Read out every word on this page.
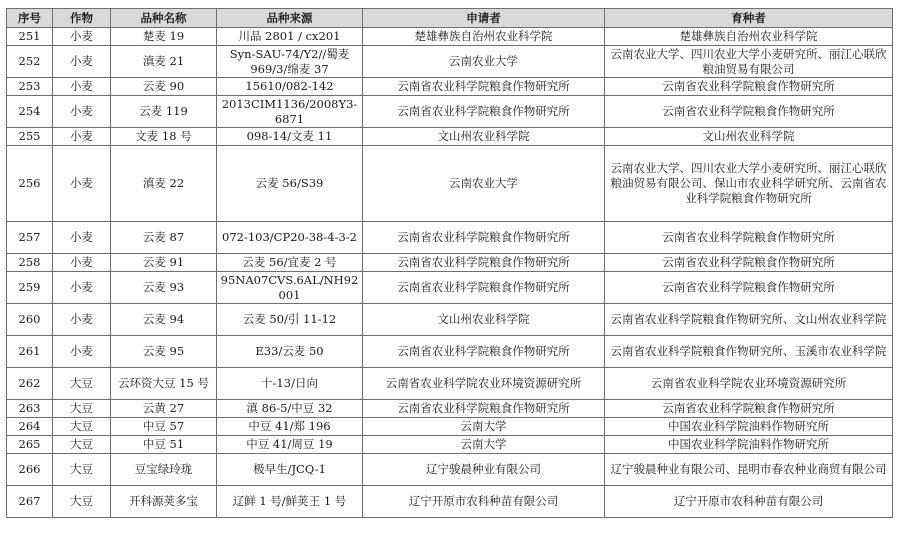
序号	作物	品种名称	品种来源	申请者	育种者
251	小麦	楚麦 19	川品 2801 / cx201	楚雄彝族自治州农业科学院	楚雄彝族自治州农业科学院
252	小麦	滇麦 21	Syn-SAU-74/Y2//蜀麦 969/3/绵麦 37	云南农业大学	云南农业大学、四川农业大学小麦研究所、丽江心联欣粮油贸易有限公司
253	小麦	云麦 90	15610/082-142	云南省农业科学院粮食作物研究所	云南省农业科学院粮食作物研究所
254	小麦	云麦 119	2013CIM1136/2008Y3-6871	云南省农业科学院粮食作物研究所	云南省农业科学院粮食作物研究所
255	小麦	文麦 18 号	098-14/文麦 11	文山州农业科学院	文山州农业科学院
256	小麦	滇麦 22	云麦 56/S39	云南农业大学	云南农业大学、四川农业大学小麦研究所、丽江心联欣粮油贸易有限公司、保山市农业科学研究所、云南省农业科学院粮食作物研究所
257	小麦	云麦 87	072-103/CP20-38-4-3-2	云南省农业科学院粮食作物研究所	云南省农业科学院粮食作物研究所
258	小麦	云麦 91	云麦 56/宜麦 2 号	云南省农业科学院粮食作物研究所	云南省农业科学院粮食作物研究所
259	小麦	云麦 93	95NA07CVS.6AL/NH92001	云南省农业科学院粮食作物研究所	云南省农业科学院粮食作物研究所
260	小麦	云麦 94	云麦 50/引 11-12	文山州农业科学院	云南省农业科学院粮食作物研究所、文山州农业科学院
261	小麦	云麦 95	E33/云麦 50	云南省农业科学院粮食作物研究所	云南省农业科学院粮食作物研究所、玉溪市农业科学院
262	大豆	云环资大豆 15 号	十-13/日向	云南省农业科学院农业环境资源研究所	云南省农业科学院农业环境资源研究所
263	大豆	云黄 27	滇 86-5/中豆 32	云南省农业科学院粮食作物研究所	云南省农业科学院粮食作物研究所
264	大豆	中豆 57	中豆 41/郑 196	云南大学	中国农业科学院油料作物研究所
265	大豆	中豆 51	中豆 41/周豆 19	云南大学	中国农业科学院油料作物研究所
266	大豆	豆宝绿玲珑	极早生/JCQ-1	辽宁骏晨种业有限公司	辽宁骏晨种业有限公司、昆明市春农种业商贸有限公司
267	大豆	开科源荚多宝	辽鲜 1 号/鲜荚王 1 号	辽宁开原市农科种苗有限公司	辽宁开原市农科种苗有限公司
